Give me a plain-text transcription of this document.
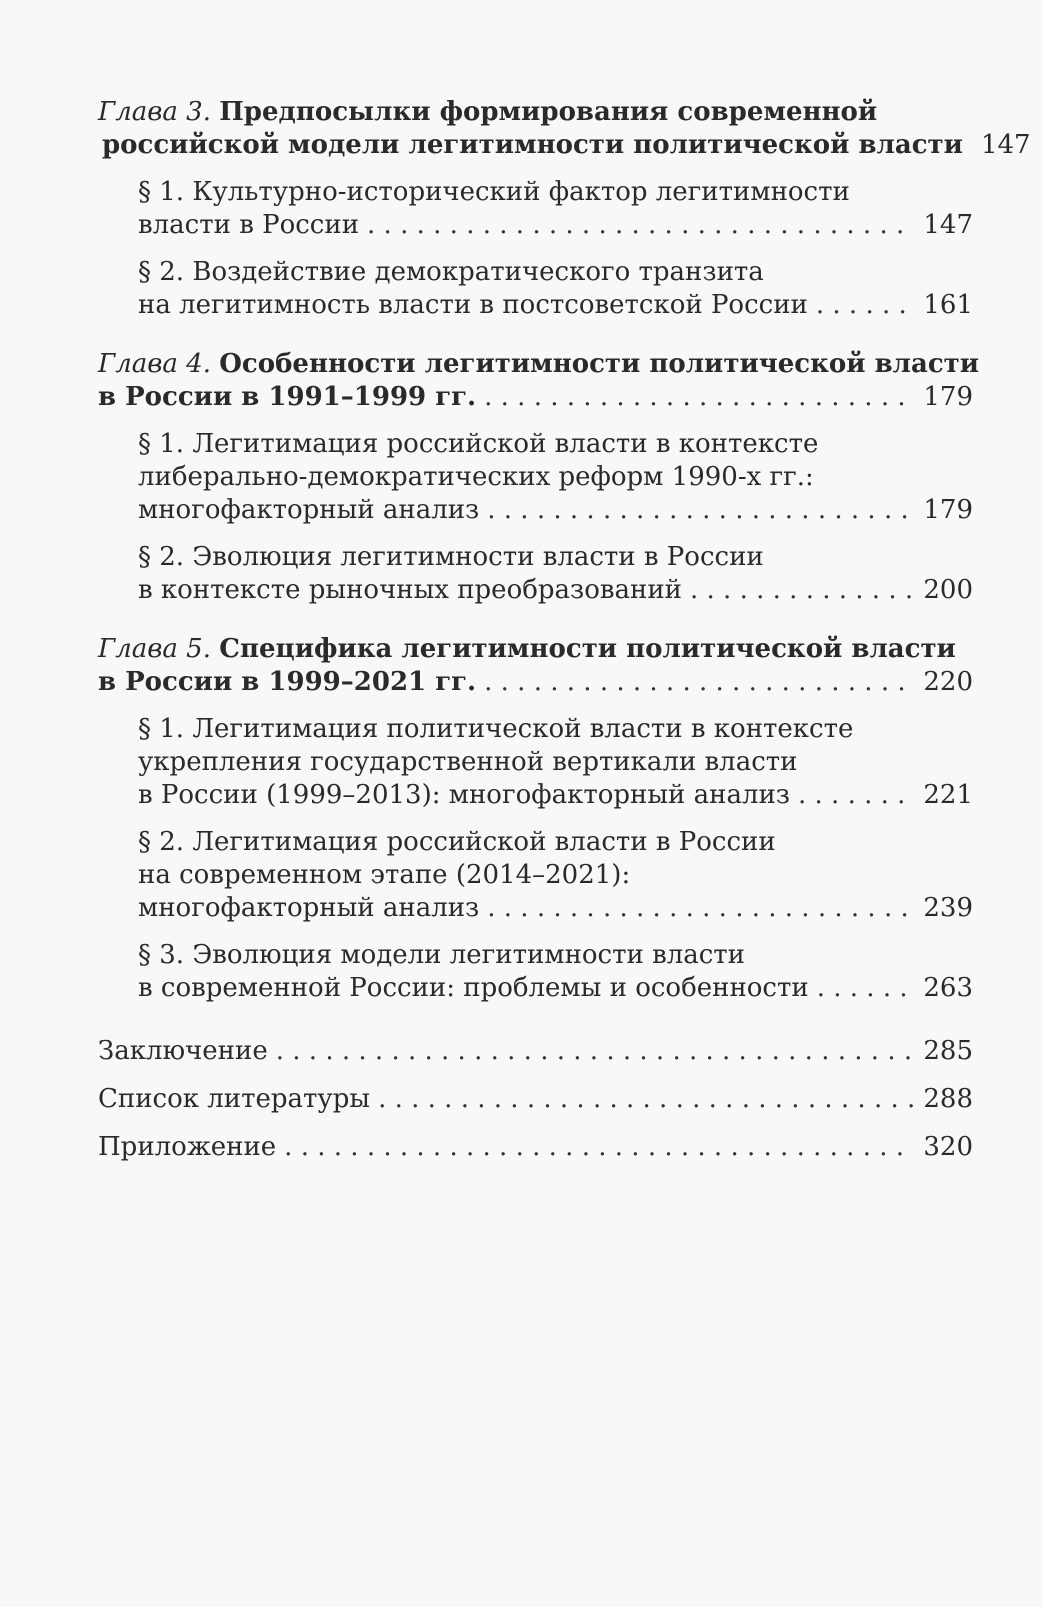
Глава 3. Предпосылки формирования современной
российской модели легитимности политической власти 147
§ 1. Культурно-исторический фактор легитимности
власти в России . . .	147
§ 2. Воздействие демократического транзита
на легитимность власти в постсоветской России . . .	161
Глава 4. Особенности легитимности политической власти
в России в 1991–1999 гг. . . .	179
§ 1. Легитимация российской власти в контексте
либерально-демократических реформ 1990-х гг.:
многофакторный анализ . . .	179
§ 2. Эволюция легитимности власти в России
в контексте рыночных преобразований . . .	200
Глава 5. Специфика легитимности политической власти
в России в 1999–2021 гг. . . .	220
§ 1. Легитимация политической власти в контексте
укрепления государственной вертикали власти
в России (1999–2013): многофакторный анализ . . .	221
§ 2. Легитимация российской власти в России
на современном этапе (2014–2021):
многофакторный анализ . . .	239
§ 3. Эволюция модели легитимности власти
в современной России: проблемы и особенности . . .	263
Заключение . . .	285
Список литературы . . .	288
Приложение . . .	320
